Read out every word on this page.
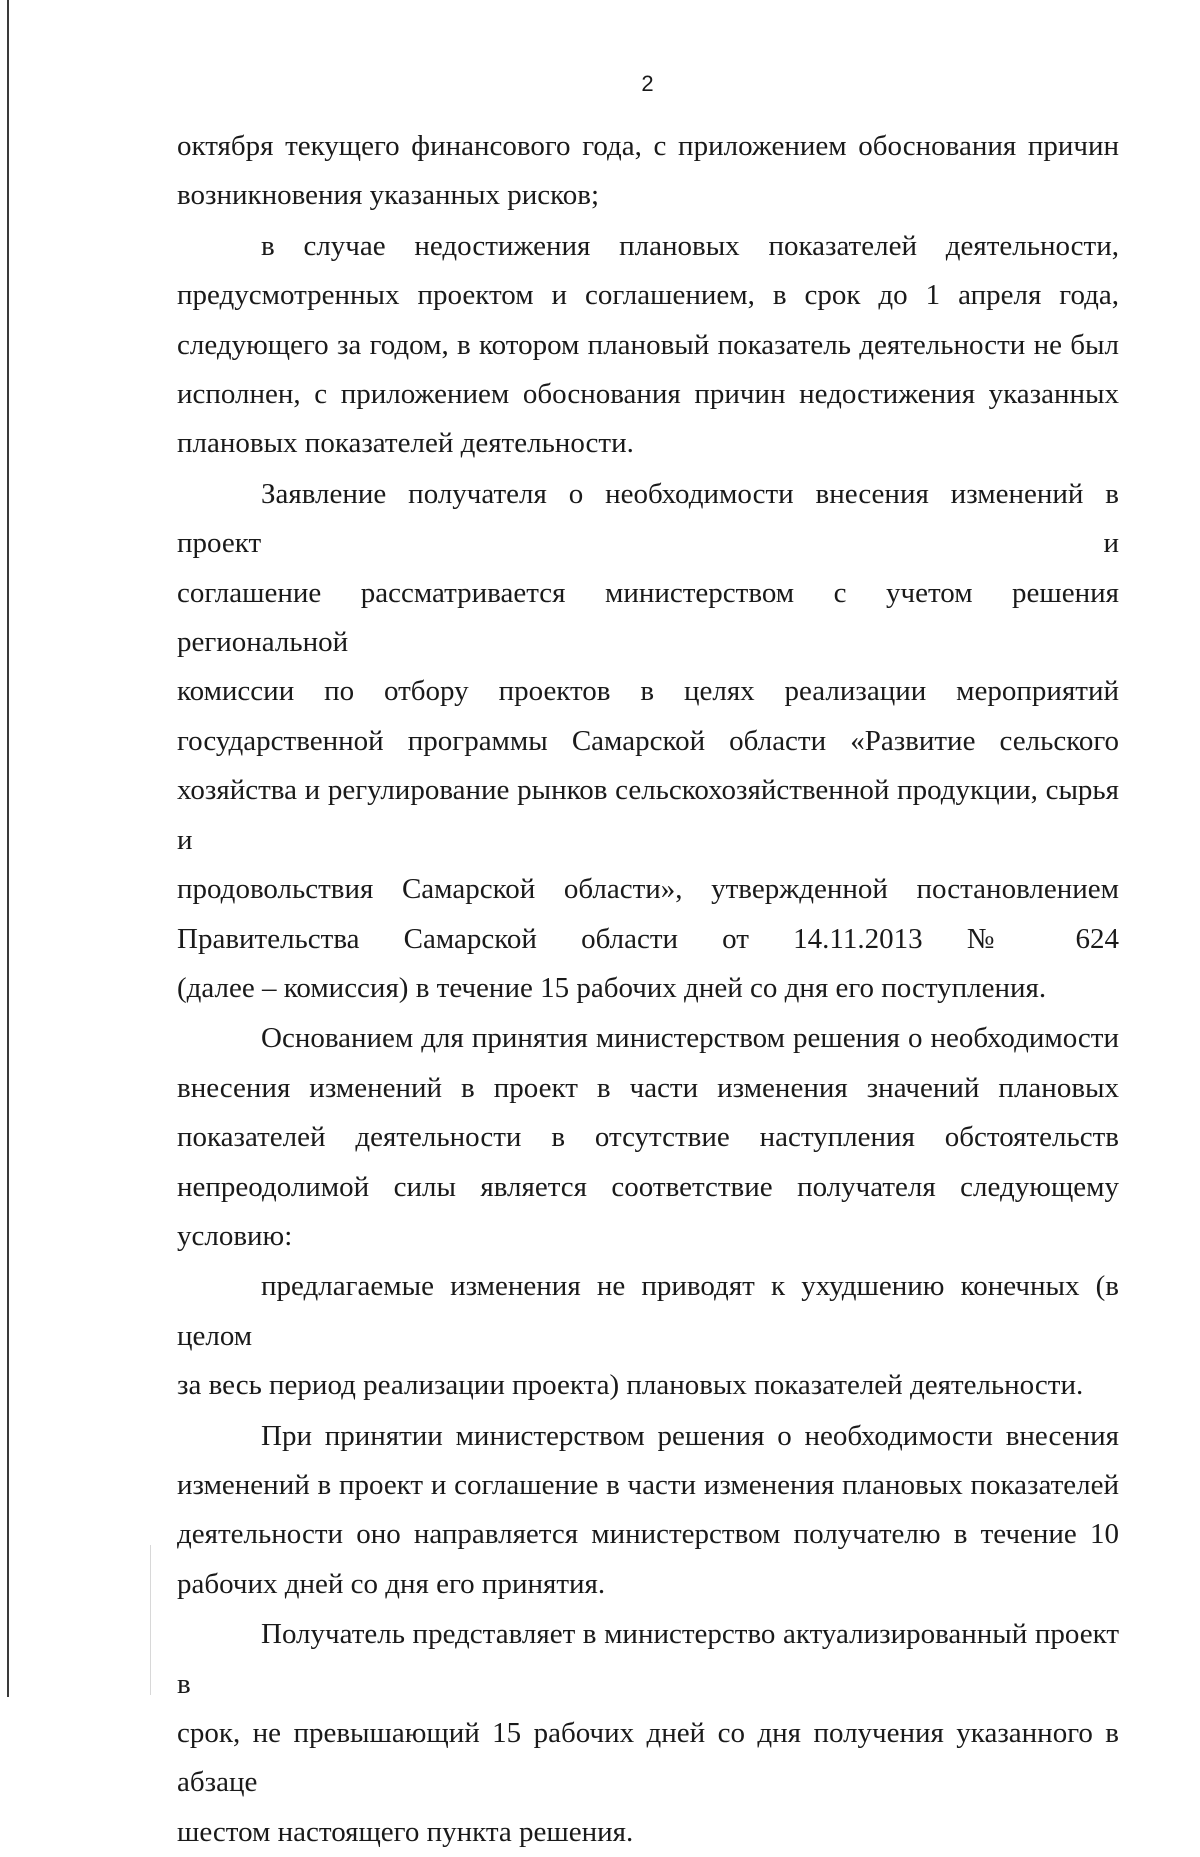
2

октября текущего финансового года, с приложением обоснования причин
возникновения указанных рисков;

в случае недостижения плановых показателей деятельности,
предусмотренных проектом и соглашением, в срок до 1 апреля года,
следующего за годом, в котором плановый показатель деятельности не был
исполнен, с приложением обоснования причин недостижения указанных
плановых показателей деятельности.

Заявление получателя о необходимости внесения изменений в проект и
соглашение рассматривается министерством с учетом решения региональной
комиссии по отбору проектов в целях реализации мероприятий
государственной программы Самарской области «Развитие сельского
хозяйства и регулирование рынков сельскохозяйственной продукции, сырья и
продовольствия Самарской области», утвержденной постановлением
Правительства Самарской области от 14.11.2013 № 624
(далее – комиссия) в течение 15 рабочих дней со дня его поступления.

Основанием для принятия министерством решения о необходимости
внесения изменений в проект в части изменения значений плановых
показателей деятельности в отсутствие наступления обстоятельств
непреодолимой силы является соответствие получателя следующему
условию:

предлагаемые изменения не приводят к ухудшению конечных (в целом
за весь период реализации проекта) плановых показателей деятельности.

При принятии министерством решения о необходимости внесения
изменений в проект и соглашение в части изменения плановых показателей
деятельности оно направляется министерством получателю в течение 10
рабочих дней со дня его принятия.

Получатель представляет в министерство актуализированный проект в
срок, не превышающий 15 рабочих дней со дня получения указанного в абзаце
шестом настоящего пункта решения.
